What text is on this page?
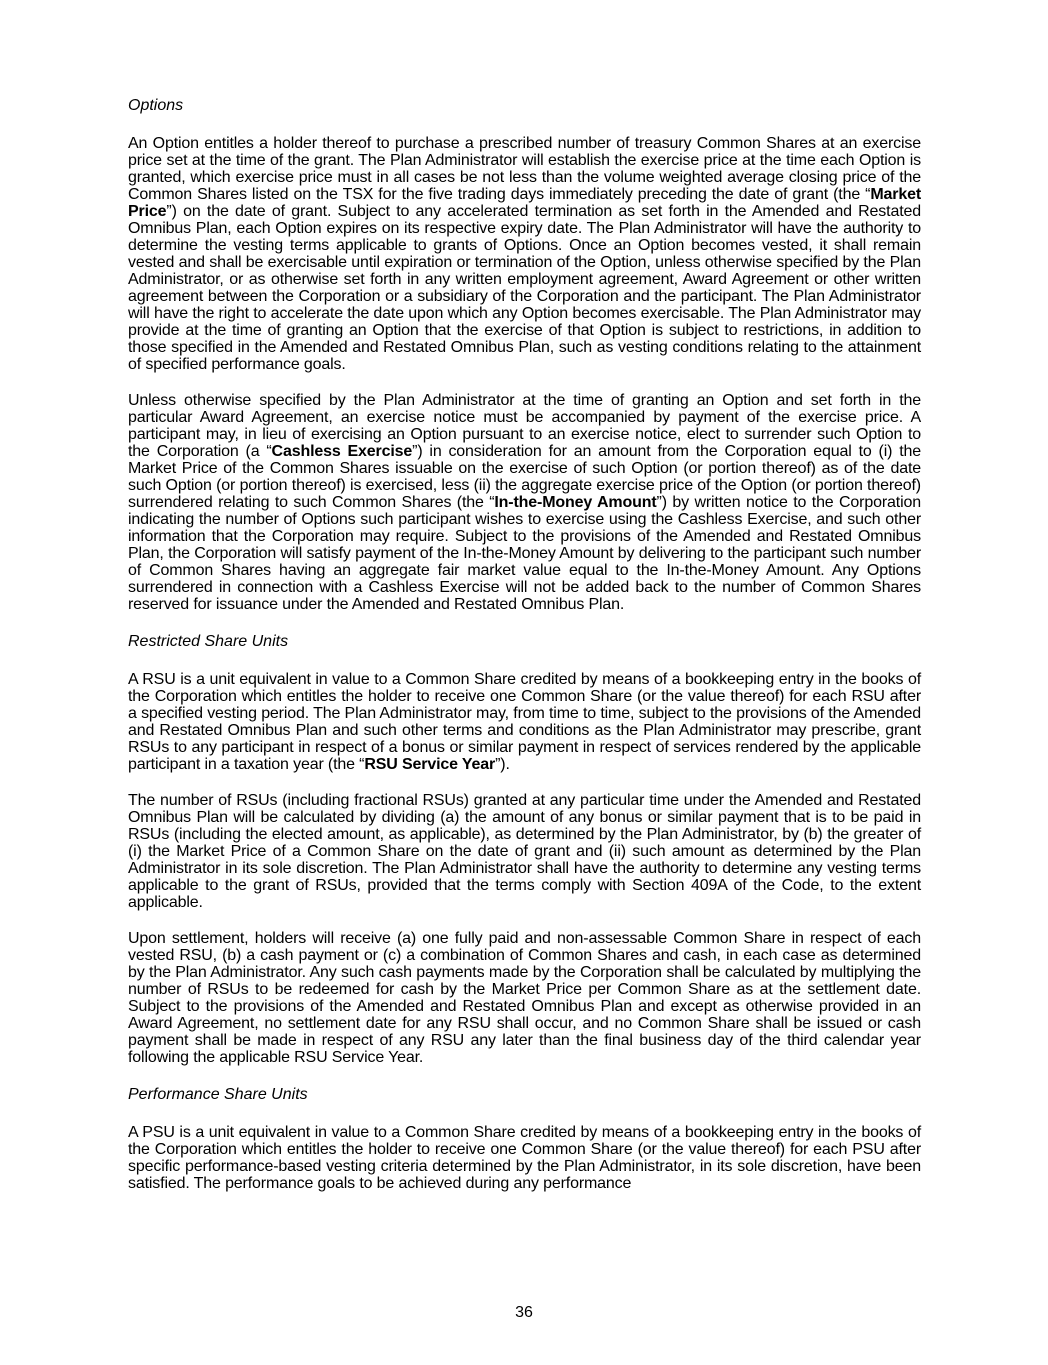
Options

An Option entitles a holder thereof to purchase a prescribed number of treasury Common Shares at an exercise price set at the time of the grant. The Plan Administrator will establish the exercise price at the time each Option is granted, which exercise price must in all cases be not less than the volume weighted average closing price of the Common Shares listed on the TSX for the five trading days immediately preceding the date of grant (the “Market Price”) on the date of grant. Subject to any accelerated termination as set forth in the Amended and Restated Omnibus Plan, each Option expires on its respective expiry date. The Plan Administrator will have the authority to determine the vesting terms applicable to grants of Options. Once an Option becomes vested, it shall remain vested and shall be exercisable until expiration or termination of the Option, unless otherwise specified by the Plan Administrator, or as otherwise set forth in any written employment agreement, Award Agreement or other written agreement between the Corporation or a subsidiary of the Corporation and the participant. The Plan Administrator will have the right to accelerate the date upon which any Option becomes exercisable. The Plan Administrator may provide at the time of granting an Option that the exercise of that Option is subject to restrictions, in addition to those specified in the Amended and Restated Omnibus Plan, such as vesting conditions relating to the attainment of specified performance goals.

Unless otherwise specified by the Plan Administrator at the time of granting an Option and set forth in the particular Award Agreement, an exercise notice must be accompanied by payment of the exercise price. A participant may, in lieu of exercising an Option pursuant to an exercise notice, elect to surrender such Option to the Corporation (a “Cashless Exercise”) in consideration for an amount from the Corporation equal to (i) the Market Price of the Common Shares issuable on the exercise of such Option (or portion thereof) as of the date such Option (or portion thereof) is exercised, less (ii) the aggregate exercise price of the Option (or portion thereof) surrendered relating to such Common Shares (the “In-the-Money Amount”) by written notice to the Corporation indicating the number of Options such participant wishes to exercise using the Cashless Exercise, and such other information that the Corporation may require. Subject to the provisions of the Amended and Restated Omnibus Plan, the Corporation will satisfy payment of the In-the-Money Amount by delivering to the participant such number of Common Shares having an aggregate fair market value equal to the In-the-Money Amount. Any Options surrendered in connection with a Cashless Exercise will not be added back to the number of Common Shares reserved for issuance under the Amended and Restated Omnibus Plan.

Restricted Share Units

A RSU is a unit equivalent in value to a Common Share credited by means of a bookkeeping entry in the books of the Corporation which entitles the holder to receive one Common Share (or the value thereof) for each RSU after a specified vesting period. The Plan Administrator may, from time to time, subject to the provisions of the Amended and Restated Omnibus Plan and such other terms and conditions as the Plan Administrator may prescribe, grant RSUs to any participant in respect of a bonus or similar payment in respect of services rendered by the applicable participant in a taxation year (the “RSU Service Year”).

The number of RSUs (including fractional RSUs) granted at any particular time under the Amended and Restated Omnibus Plan will be calculated by dividing (a) the amount of any bonus or similar payment that is to be paid in RSUs (including the elected amount, as applicable), as determined by the Plan Administrator, by (b) the greater of (i) the Market Price of a Common Share on the date of grant and (ii) such amount as determined by the Plan Administrator in its sole discretion. The Plan Administrator shall have the authority to determine any vesting terms applicable to the grant of RSUs, provided that the terms comply with Section 409A of the Code, to the extent applicable.

Upon settlement, holders will receive (a) one fully paid and non-assessable Common Share in respect of each vested RSU, (b) a cash payment or (c) a combination of Common Shares and cash, in each case as determined by the Plan Administrator. Any such cash payments made by the Corporation shall be calculated by multiplying the number of RSUs to be redeemed for cash by the Market Price per Common Share as at the settlement date. Subject to the provisions of the Amended and Restated Omnibus Plan and except as otherwise provided in an Award Agreement, no settlement date for any RSU shall occur, and no Common Share shall be issued or cash payment shall be made in respect of any RSU any later than the final business day of the third calendar year following the applicable RSU Service Year.

Performance Share Units

A PSU is a unit equivalent in value to a Common Share credited by means of a bookkeeping entry in the books of the Corporation which entitles the holder to receive one Common Share (or the value thereof) for each PSU after specific performance-based vesting criteria determined by the Plan Administrator, in its sole discretion, have been satisfied. The performance goals to be achieved during any performance

36
